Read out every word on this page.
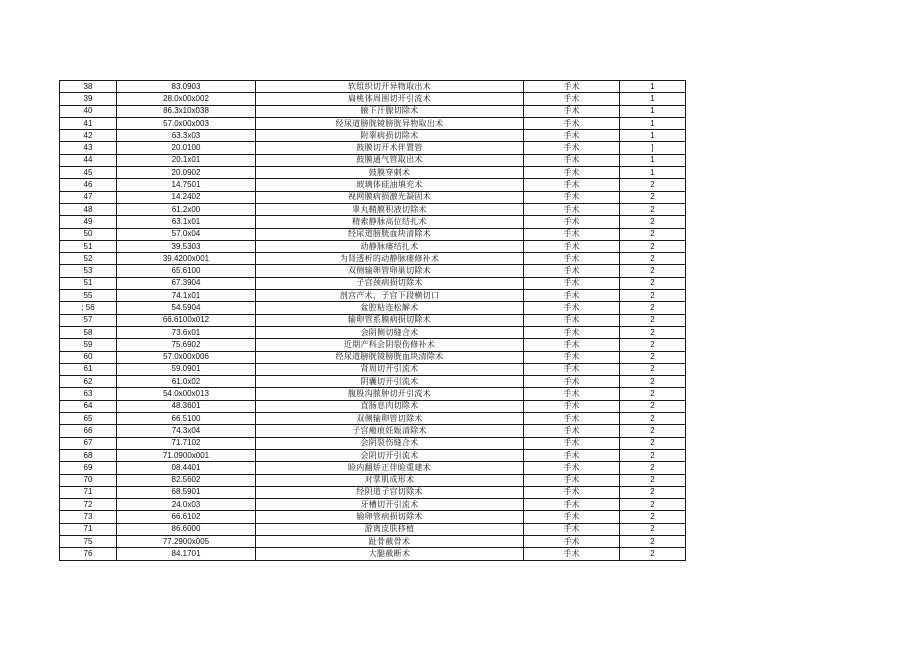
38	83.0903	软组织切开异物取出术	手术	1
39	28.0x00x002	扁桃体周围切开引流术	手术	1
40	86.3x10x038	腋下汗腺切除术	手术	1
41	57.0x00x003	经尿道膀胱镜膀胱异物取出术	手术	1
42	63.3x03	附睾病损切除术	手术	1
43	20.0100	鼓膜切开术伴置管	手术	]
44	20.1x01	鼓膜通气管取出术	手术	1
45	20.0902	鼓膜穿刺术	手术	1
46	14.7501	玻璃体硅油填充术	手术	2
47	14.2402	视网膜病损激光凝固术	手术	2
48	61.2x00	睾丸鞘膜积液切除术	手术	2
49	63.1x01	精索静脉高位结扎术	手术	2
50	57.0x04	经尿道膀胱血块清除术	手术	2
51	39.5303	动静脉瘘结扎术	手术	2
52	39.4200x001	为肾透析的动静脉瘘修补术	手术	2
53	65.6100	双侧输卵管卵巢切除术	手术	2
51	67.3904	子宫颈病损切除术	手术	2
55	74.1x01	剖宫产术，子宫下段横切口	手术	2
; 56	54.5904	盆腔粘连松解术	手术	2
57	66.6100x012	输卵管系膜病损切除术	手术	2
58	73.6x01	会阴侧切缝合术	手术	2
59	75.6902	近期产科会阴裂伤修补术	手术	2
60	57.0x00x006	经尿道膀胱镜膀胱血块清除术	手术	2
61	59.0901	肾周切开引流术	手术	2
62	61.0x02	阴囊切开引流术	手术	2
63	54.0x00x013	腹股沟脓肿切开引流术	手术	2
64	48.3601	直肠息肉切除术	手术	2
65	66.5100	双侧输卵管切除术	手术	2
66	74.3x04	子宫瘢痕妊娠清除术	手术	2
67	71.7102	会阴裂伤缝合术	手术	2
68	71.0900x001	会阴切开引流术	手术	2
69	08.4401	睑内翻矫正伴睑重建术	手术	2
70	82.5602	对掌肌成形术	手术	2
71	68.5901	经阴道子宫切除术	手术	2
72	24.0x03	牙槽切开引流术	手术	2
73	66.6102	输卵管病损切除术	手术	2
71	86.6000	游离皮肤移植	手术	2
75	77.2900x005	趾骨截骨术	手术	2
76	84.1701	大腿截断术	手术	2
